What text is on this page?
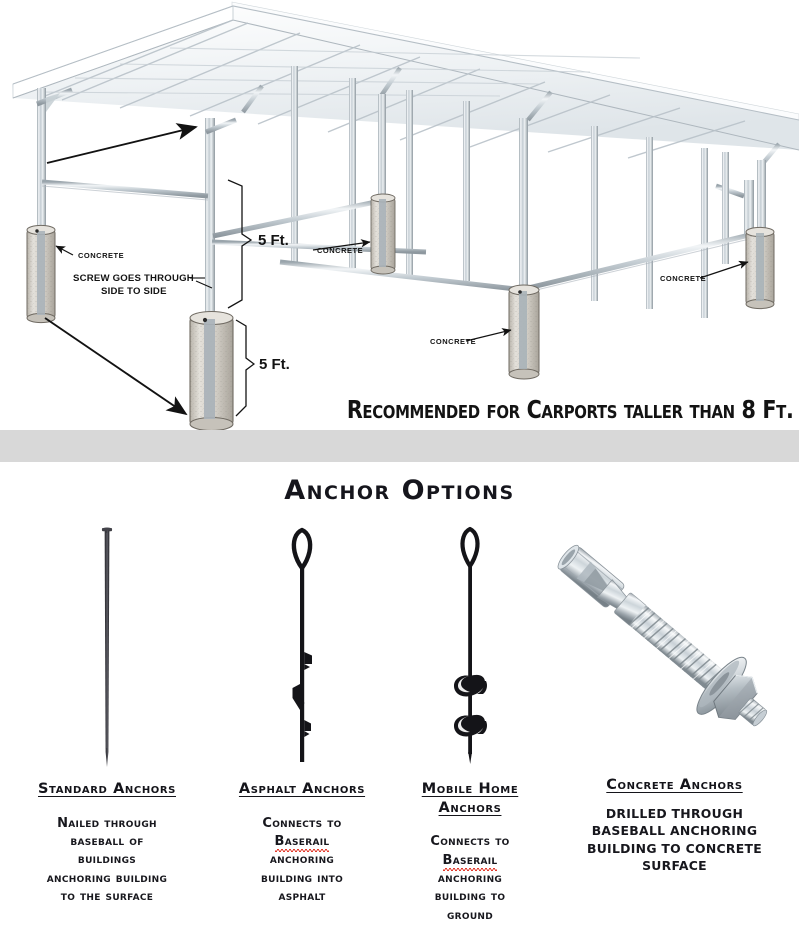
CONCRETE
CONCRETE
CONCRETE
CONCRETE
SCREW GOES THROUGH
SIDE TO SIDE
5 Ft.
5 Ft.
Recommended for Carports taller than 8 Ft.
Anchor Options
Standard Anchors
Nailed through
baseball of
buildings
anchoring building
to the surface
Asphalt Anchors
Connects to
Baserail
anchoring
building into
asphalt
Mobile Home Anchors
Connects to
Baserail
anchoring
building to
ground
Concrete Anchors
DRILLED THROUGH
BASEBALL ANCHORING
BUILDING TO CONCRETE
SURFACE
